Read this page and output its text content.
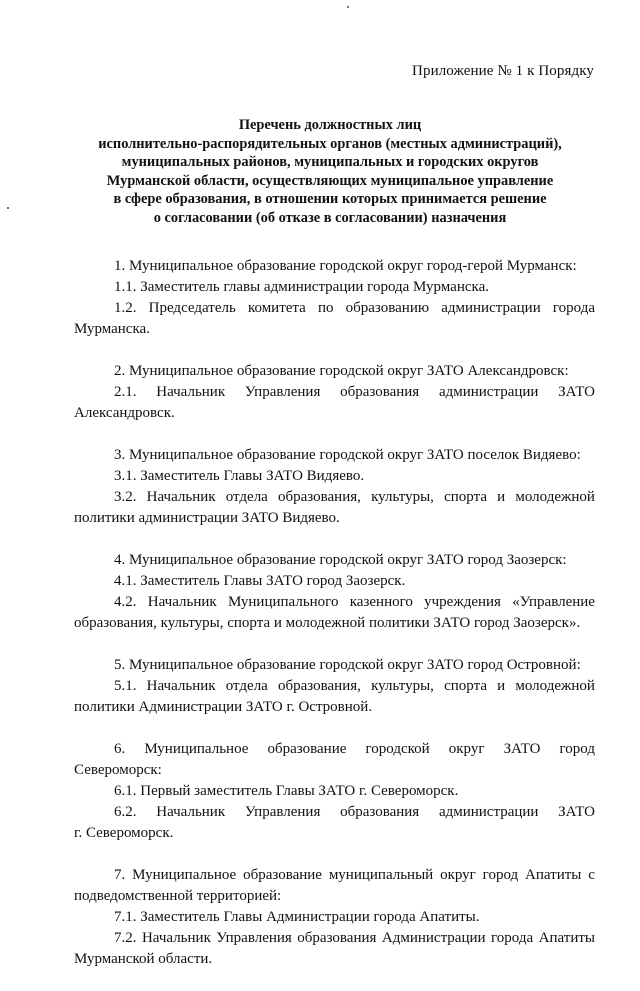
Приложение № 1 к Порядку
Перечень должностных лиц
исполнительно-распорядительных органов (местных администраций),
муниципальных районов, муниципальных и городских округов
Мурманской области, осуществляющих муниципальное управление
в сфере образования, в отношении которых принимается решение
о согласовании (об отказе в согласовании) назначения

1. Муниципальное образование городской округ город-герой Мурманск:

1.1. Заместитель главы администрации города Мурманска.

1.2. Председатель комитета по образованию администрации города
Мурманска.

2. Муниципальное образование городской округ ЗАТО Александровск:

2.1. Начальник Управления образования администрации ЗАТО
Александровск.

3. Муниципальное образование городской округ ЗАТО поселок Видяево:

3.1. Заместитель Главы ЗАТО Видяево.

3.2. Начальник отдела образования, культуры, спорта и молодежной
политики администрации ЗАТО Видяево.

4. Муниципальное образование городской округ ЗАТО город Заозерск:

4.1. Заместитель Главы ЗАТО город Заозерск.

4.2. Начальник Муниципального казенного учреждения «Управление
образования, культуры, спорта и молодежной политики ЗАТО город Заозерск».

5. Муниципальное образование городской округ ЗАТО город Островной:

5.1. Начальник отдела образования, культуры, спорта и молодежной
политики Администрации ЗАТО г. Островной.
6. Муниципальное образование городской округ ЗАТО город
Североморск:

6.1. Первый заместитель Главы ЗАТО г. Североморск.

6.2. Начальник Управления образования администрации ЗАТО
г. Североморск.
7. Муниципальное образование муниципальный округ город Апатиты с
подведомственной территорией:

7.1. Заместитель Главы Администрации города Апатиты.

7.2. Начальник Управления образования Администрации города Апатиты
Мурманской области.
